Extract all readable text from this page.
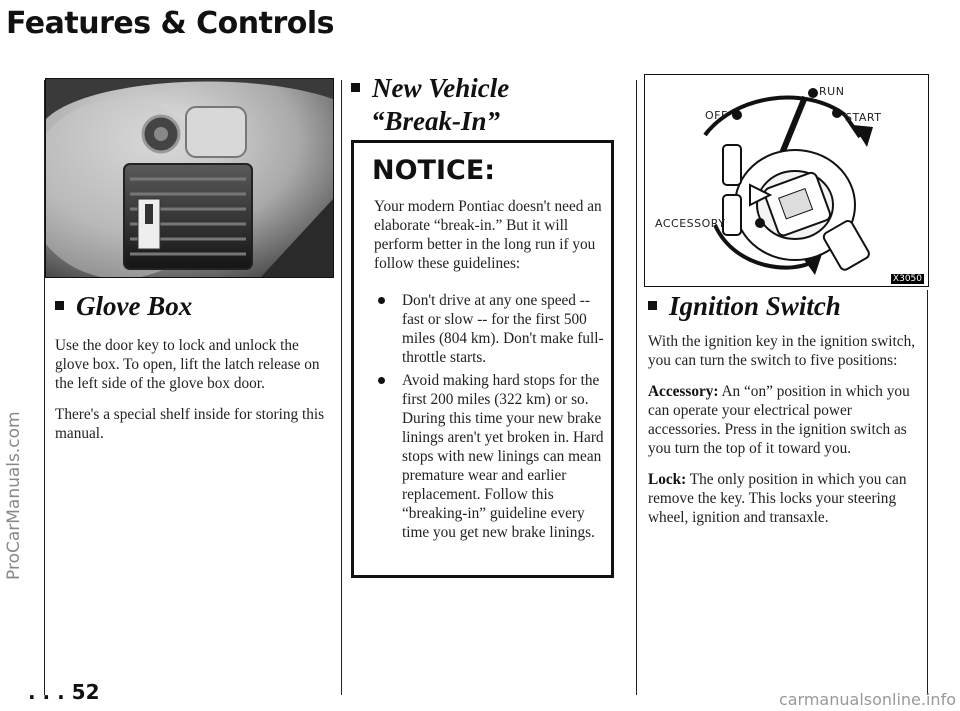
Features & Controls
Glove Box

Use the door key to lock and unlock the glove box. To open, lift the latch release on the left side of the glove box door.

There's a special shelf inside for storing this manual.

New Vehicle
“Break-In”
NOTICE:
Your modern Pontiac doesn't need an elaborate “break-in.” But it will perform better in the long run if you follow these guidelines:
Don't drive at any one speed -- fast or slow -- for the first 500 miles (804 km). Don't make full-throttle starts.
Avoid making hard stops for the first 200 miles (322 km) or so. During this time your new brake linings aren't yet broken in. Hard stops with new linings can mean premature wear and earlier replacement. Follow this “breaking-in” guideline every time you get new brake linings.
RUN
OFF	START
ACCESSORY
X3050
Ignition Switch

With the ignition key in the ignition switch, you can turn the switch to five positions:

Accessory: An “on” position in which you can operate your electrical power accessories. Press in the ignition switch as you turn the top of it toward you.

Lock: The only position in which you can remove the key. This locks your steering wheel, ignition and transaxle.

. . . 52
ProCarManuals.com
carmanualsonline.info
